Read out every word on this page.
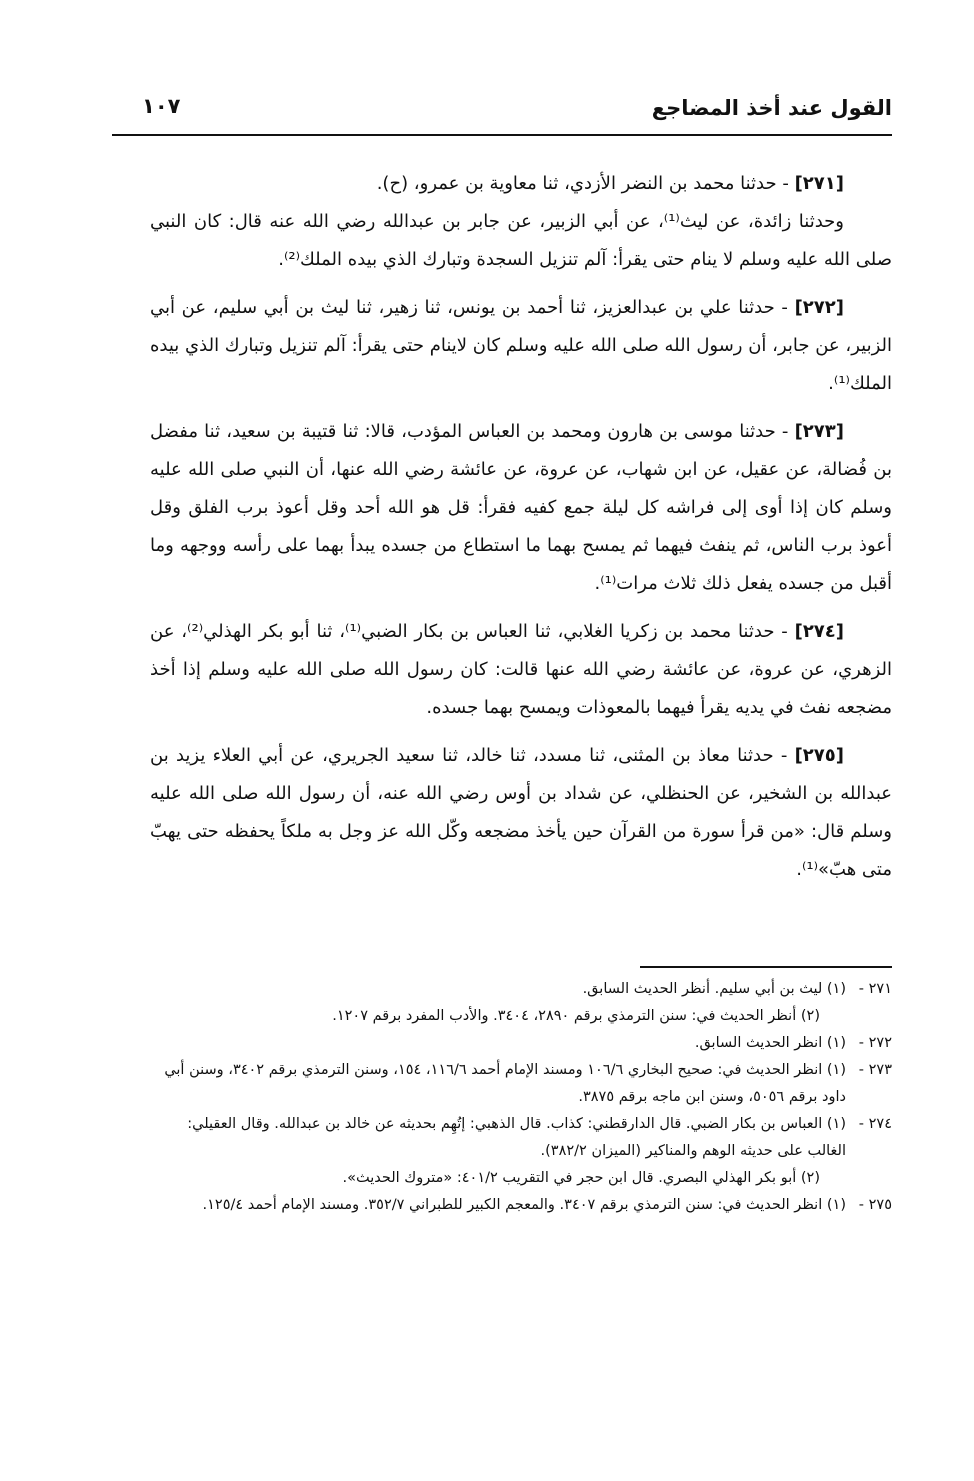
القول عند أخذ المضاجع
١٠٧

[٢٧١] - حدثنا محمد بن النضر الأزدي، ثنا معاوية بن عمرو، (ح).

وحدثنا زائدة، عن ليث⁽¹⁾، عن أبي الزبير، عن جابر بن عبدالله رضي الله عنه قال: كان النبي صلى الله عليه وسلم لا ينام حتى يقرأ: آلم تنزيل السجدة وتبارك الذي بيده الملك⁽²⁾.

[٢٧٢] - حدثنا علي بن عبدالعزيز، ثنا أحمد بن يونس، ثنا زهير، ثنا ليث بن أبي سليم، عن أبي الزبير، عن جابر، أن رسول الله صلى الله عليه وسلم كان لاينام حتى يقرأ: آلم تنزيل وتبارك الذي بيده الملك⁽¹⁾.

[٢٧٣] - حدثنا موسى بن هارون ومحمد بن العباس المؤدب، قالا: ثنا قتيبة بن سعيد، ثنا مفضل بن فُضالة، عن عقيل، عن ابن شهاب، عن عروة، عن عائشة رضي الله عنها، أن النبي صلى الله عليه وسلم كان إذا أوى إلى فراشه كل ليلة جمع كفيه فقرأ: قل هو الله أحد وقل أعوذ برب الفلق وقل أعوذ برب الناس، ثم ينفث فيهما ثم يمسح بهما ما استطاع من جسده يبدأ بهما على رأسه ووجهه وما أقبل من جسده يفعل ذلك ثلاث مرات⁽¹⁾.

[٢٧٤] - حدثنا محمد بن زكريا الغلابي، ثنا العباس بن بكار الضبي⁽¹⁾، ثنا أبو بكر الهذلي⁽²⁾، عن الزهري، عن عروة، عن عائشة رضي الله عنها قالت: كان رسول الله صلى الله عليه وسلم إذا أخذ مضجعه نفث في يديه يقرأ فيهما بالمعوذات ويمسح بهما جسده.

[٢٧٥] - حدثنا معاذ بن المثنى، ثنا مسدد، ثنا خالد، ثنا سعيد الجريري، عن أبي العلاء يزيد بن عبدالله بن الشخير، عن الحنظلي، عن شداد بن أوس رضي الله عنه، أن رسول الله صلى الله عليه وسلم قال: «من قرأ سورة من القرآن حين يأخذ مضجعه وكّل الله عز وجل به ملكاً يحفظه حتى يهبّ متى هبّ»⁽¹⁾.

٢٧١ -
(١) ليث بن أبي سليم. أنظر الحديث السابق.

(٢) أنظر الحديث في: سنن الترمذي برقم ٢٨٩٠، ٣٤٠٤. والأدب المفرد برقم ١٢٠٧.

٢٧٢ -
(١) انظر الحديث السابق.

٢٧٣ -
(١) انظر الحديث في: صحيح البخاري ١٠٦/٦ ومسند الإمام أحمد ١١٦/٦، ١٥٤، وسنن الترمذي برقم ٣٤٠٢، وسنن أبي داود برقم ٥٠٥٦، وسنن ابن ماجه برقم ٣٨٧٥.

٢٧٤ -
(١) العباس بن بكار الضبي. قال الدارقطني: كذاب. قال الذهبي: إتُهِم بحديثه عن خالد بن عبدالله. وقال العقيلي: الغالب على حديثه الوهم والمناكير (الميزان ٣٨٢/٢).

(٢) أبو بكر الهذلي البصري. قال ابن حجر في التقريب ٤٠١/٢: «متروك الحديث».

٢٧٥ -
(١) انظر الحديث في: سنن الترمذي برقم ٣٤٠٧. والمعجم الكبير للطبراني ٣٥٢/٧. ومسند الإمام أحمد ١٢٥/٤.
